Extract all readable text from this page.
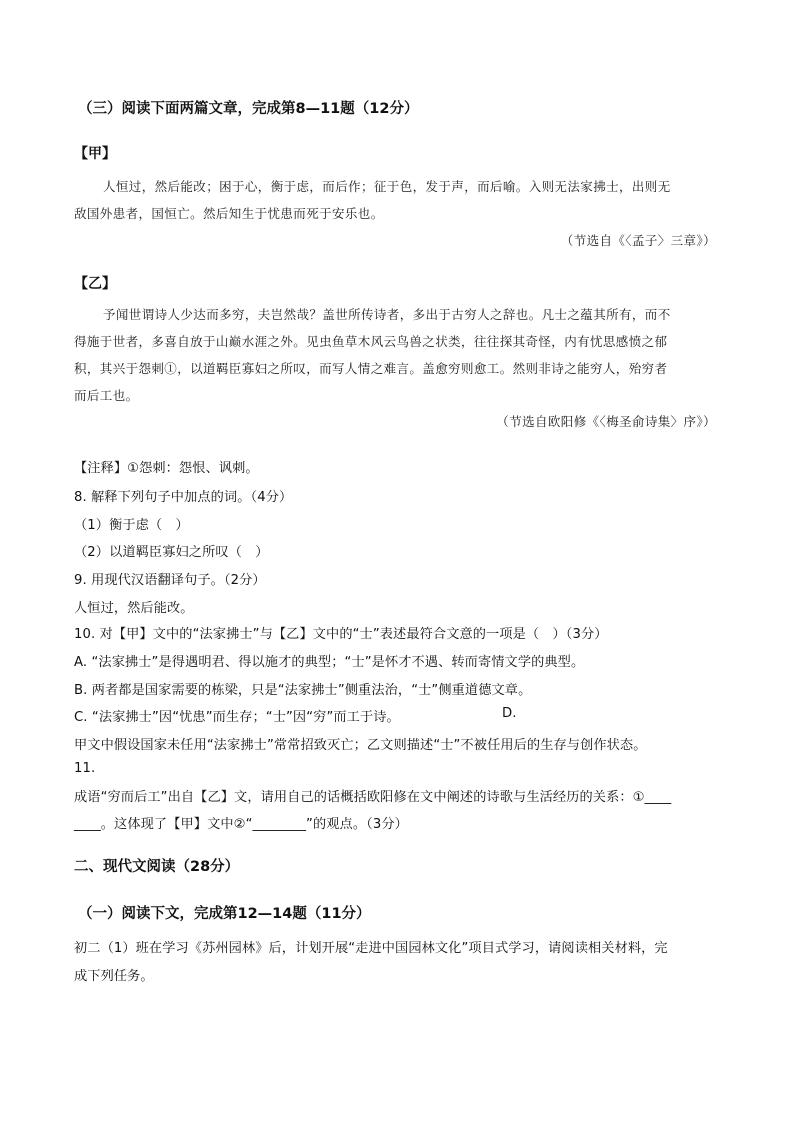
（三）阅读下面两篇文章，完成第8—11题（12分）
【甲】
人恒过，然后能改；困于心，衡于虑，而后作；征于色，发于声，而后喻。入则无法家拂士，出则无
敌国外患者，国恒亡。然后知生于忧患而死于安乐也。
（节选自《〈孟子〉三章》）
【乙】
予闻世谓诗人少达而多穷，夫岂然哉？盖世所传诗者，多出于古穷人之辞也。凡士之蕴其所有，而不
得施于世者，多喜自放于山巅水涯之外。见虫鱼草木风云鸟兽之状类，往往探其奇怪，内有忧思感愤之郁
积，其兴于怨刺①，以道羁臣寡妇之所叹，而写人情之难言。盖愈穷则愈工。然则非诗之能穷人，殆穷者
而后工也。
（节选自欧阳修《〈梅圣俞诗集〉序》）
【注释】①怨刺：怨恨、讽刺。
8. 解释下列句子中加点的词。（4分）
（1）衡于虑（　）
（2）以道羁臣寡妇之所叹（　）
9. 用现代汉语翻译句子。（2分）
人恒过，然后能改。
10. 对【甲】文中的“法家拂士”与【乙】文中的“士”表述最符合文意的一项是（　）（3分）
A. “法家拂士”是得遇明君、得以施才的典型；“士”是怀才不遇、转而寄情文学的典型。
B. 两者都是国家需要的栋梁，只是“法家拂士”侧重法治，“士”侧重道德文章。
C. “法家拂士”因“忧患”而生存；“士”因“穷”而工于诗。	D.
甲文中假设国家未任用“法家拂士”常常招致灭亡；乙文则描述“士”不被任用后的生存与创作状态。
11.
成语“穷而后工”出自【乙】文，请用自己的话概括欧阳修在文中阐述的诗歌与生活经历的关系：①____
____。这体现了【甲】文中②“________”的观点。（3分）
二、现代文阅读（28分）
（一）阅读下文，完成第12—14题（11分）
初二（1）班在学习《苏州园林》后，计划开展“走进中国园林文化”项目式学习，请阅读相关材料，完
成下列任务。
